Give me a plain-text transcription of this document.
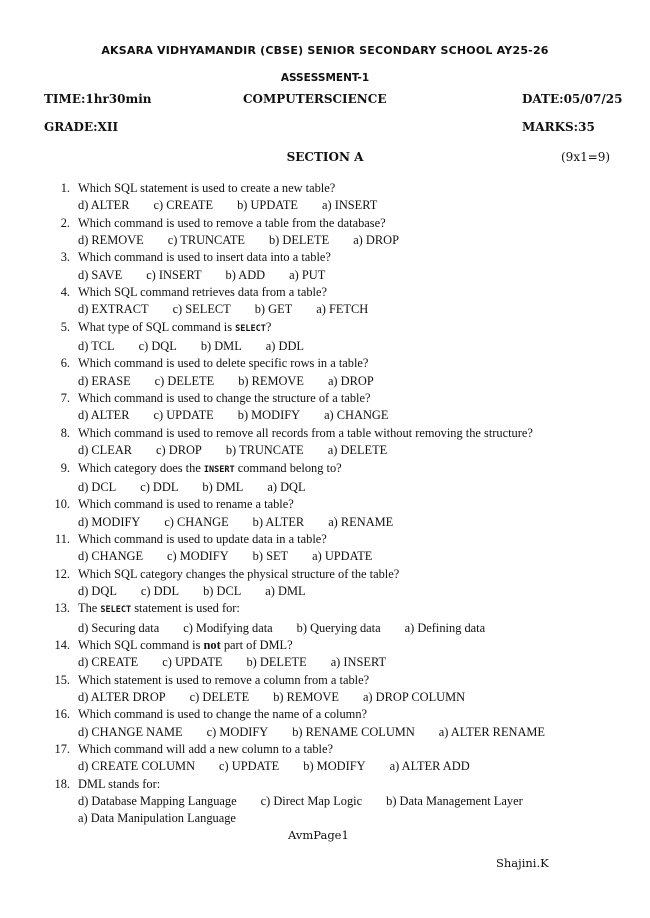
AKSARA VIDHYAMANDIR (CBSE) SENIOR SECONDARY SCHOOL AY25-26
ASSESSMENT-1
TIME:1hr30min	COMPUTERSCIENCE	DATE:05/07/25
GRADE:XII	MARKS:35
SECTION A	(9x1=9)
1. Which SQL statement is used to create a new table?
d) ALTER c) CREATE b) UPDATE a) INSERT
2. Which command is used to remove a table from the database?
d) REMOVE c) TRUNCATE b) DELETE a) DROP
3. Which command is used to insert data into a table?
d) SAVE c) INSERT b) ADD a) PUT
4. Which SQL command retrieves data from a table?
d) EXTRACT c) SELECT b) GET a) FETCH
5. What type of SQL command is SELECT?
d) TCL c) DQL b) DML a) DDL
6. Which command is used to delete specific rows in a table?
d) ERASE c) DELETE b) REMOVE a) DROP
7. Which command is used to change the structure of a table?
d) ALTER c) UPDATE b) MODIFY a) CHANGE
8. Which command is used to remove all records from a table without removing the structure?
d) CLEAR c) DROP b) TRUNCATE a) DELETE
9. Which category does the INSERT command belong to?
d) DCL c) DDL b) DML a) DQL
10. Which command is used to rename a table?
d) MODIFY c) CHANGE b) ALTER a) RENAME
11. Which command is used to update data in a table?
d) CHANGE c) MODIFY b) SET a) UPDATE
12. Which SQL category changes the physical structure of the table?
d) DQL c) DDL b) DCL a) DML
13. The SELECT statement is used for:
d) Securing data c) Modifying data b) Querying data a) Defining data
14. Which SQL command is not part of DML?
d) CREATE c) UPDATE b) DELETE a) INSERT
15. Which statement is used to remove a column from a table?
d) ALTER DROP c) DELETE b) REMOVE a) DROP COLUMN
16. Which command is used to change the name of a column?
d) CHANGE NAME c) MODIFY b) RENAME COLUMN a) ALTER RENAME
17. Which command will add a new column to a table?
d) CREATE COLUMN c) UPDATE b) MODIFY a) ALTER ADD
18. DML stands for:
d) Database Mapping Language c) Direct Map Logic b) Data Management Layera) Data Manipulation Language
AvmPage1
Shajini.K
